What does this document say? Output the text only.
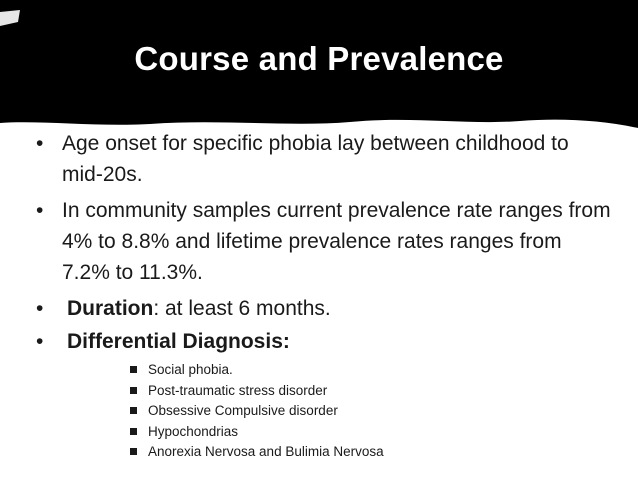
Course and Prevalence
• Age onset for specific phobia lay between childhood to mid-20s.
• In community samples current prevalence rate ranges from 4% to 8.8% and lifetime prevalence rates ranges from 7.2% to 11.3%.
• Duration: at least 6 months.
• Differential Diagnosis:
Social phobia.
Post-traumatic stress disorder
Obsessive Compulsive disorder
Hypochondrias
Anorexia Nervosa and Bulimia Nervosa
